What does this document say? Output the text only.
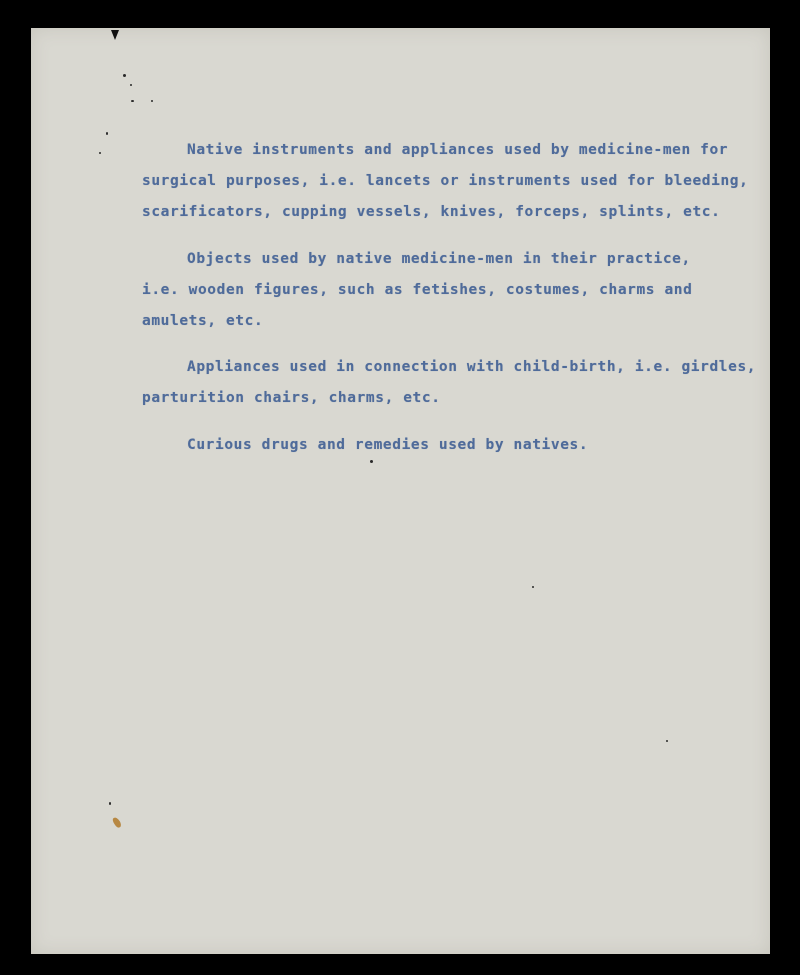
Native instruments and appliances used by medicine-men for

surgical purposes, i.e. lancets or instruments used for bleeding,

scarificators, cupping vessels, knives, forceps, splints, etc.

Objects used by native medicine-men in their practice,

i.e. wooden figures, such as fetishes, costumes, charms and

amulets, etc.

Appliances used in connection with child-birth, i.e. girdles,

parturition chairs, charms, etc.

Curious drugs and remedies used by natives.
